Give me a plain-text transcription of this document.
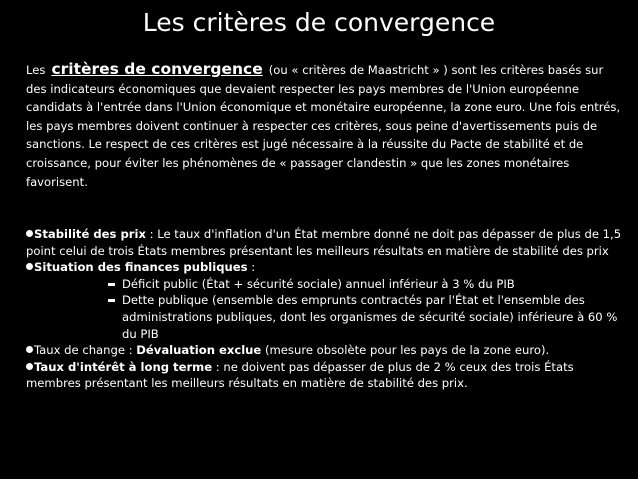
Les critères de convergence
Les critères de convergence (ou « critères de Maastricht » ) sont les critères basés sur des indicateurs économiques que devaient respecter les pays membres de l'Union européenne candidats à l'entrée dans l'Union économique et monétaire européenne, la zone euro. Une fois entrés, les pays membres doivent continuer à respecter ces critères, sous peine d'avertissements puis de sanctions. Le respect de ces critères est jugé nécessaire à la réussite du Pacte de stabilité et de croissance, pour éviter les phénomènes de « passager clandestin » que les zones monétaires favorisent.

Stabilité des prix : Le taux d'inflation d'un État membre donné ne doit pas dépasser de plus de 1,5 point celui de trois États membres présentant les meilleurs résultats en matière de stabilité des prix

Situation des finances publiques :

Déficit public (État + sécurité sociale) annuel inférieur à 3 % du PIB

Dette publique (ensemble des emprunts contractés par l'État et l'ensemble des administrations publiques, dont les organismes de sécurité sociale) inférieure à 60 % du PIB

Taux de change : Dévaluation exclue (mesure obsolète pour les pays de la zone euro).

Taux d'intérêt à long terme : ne doivent pas dépasser de plus de 2 % ceux des trois États membres présentant les meilleurs résultats en matière de stabilité des prix.
